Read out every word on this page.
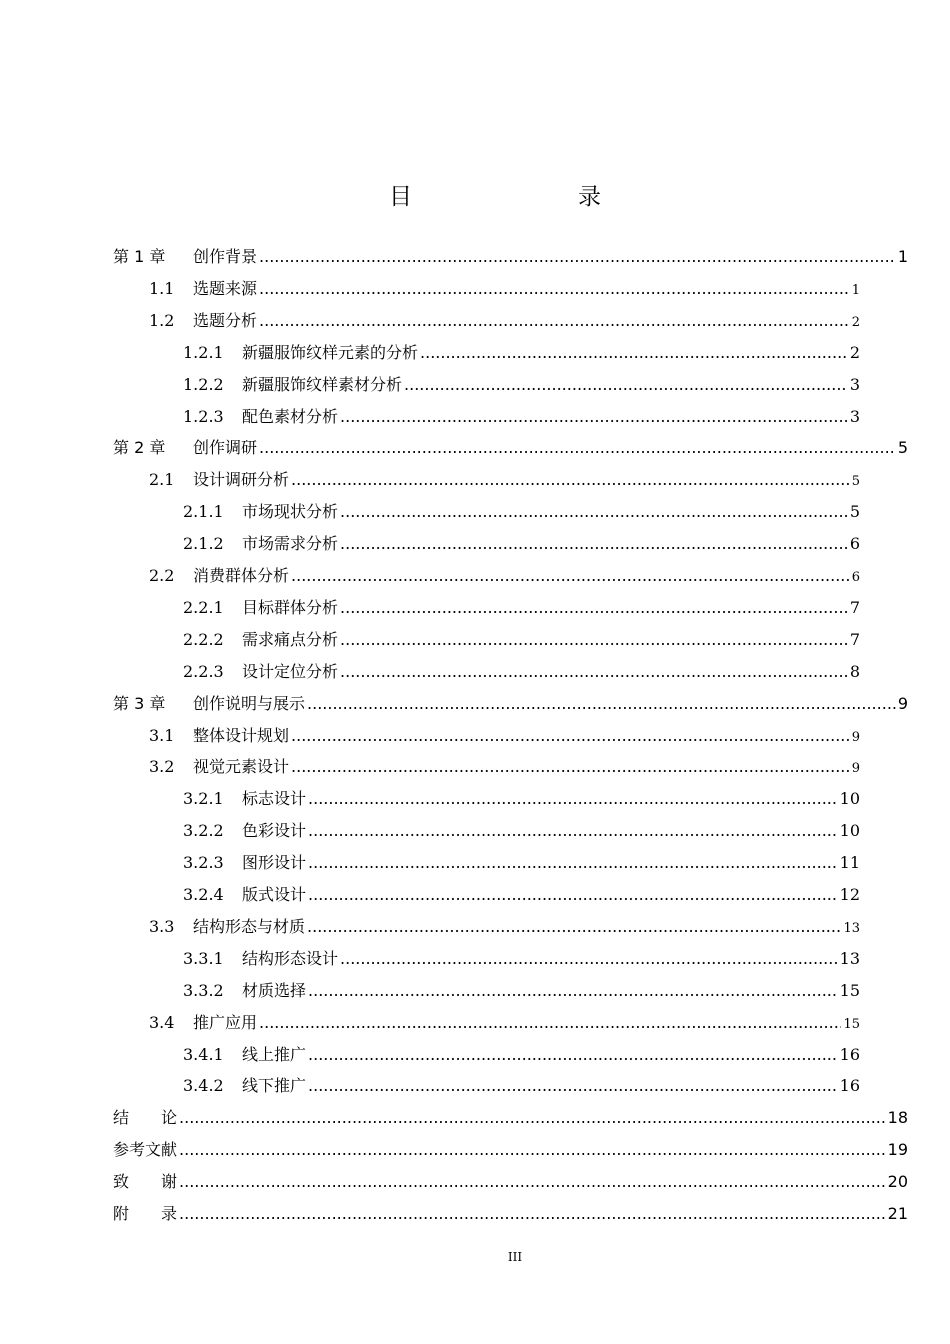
目　　录
第 1 章	创作背景 .....	1
1.1	选题来源 .....	1
1.2	选题分析 .....	2
1.2.1	新疆服饰纹样元素的分析 .....	2
1.2.2	新疆服饰纹样素材分析 .....	3
1.2.3	配色素材分析 .....	3
第 2 章	创作调研 .....	5
2.1	设计调研分析 .....	5
2.1.1	市场现状分析 .....	5
2.1.2	市场需求分析 .....	6
2.2	消费群体分析 .....	6
2.2.1	目标群体分析 .....	7
2.2.2	需求痛点分析 .....	7
2.2.3	设计定位分析 .....	8
第 3 章	创作说明与展示 .....	9
3.1	整体设计规划 .....	9
3.2	视觉元素设计 .....	9
3.2.1	标志设计 .....	10
3.2.2	色彩设计 .....	10
3.2.3	图形设计 .....	11
3.2.4	版式设计 .....	12
3.3	结构形态与材质 .....	13
3.3.1	结构形态设计 .....	13
3.3.2	材质选择 .....	15
3.4	推广应用 .....	15
3.4.1	线上推广 .....	16
3.4.2	线下推广 .....	16
结　　论 .....	18
参考文献 .....	19
致　　谢 .....	20
附　　录 .....	21
III
